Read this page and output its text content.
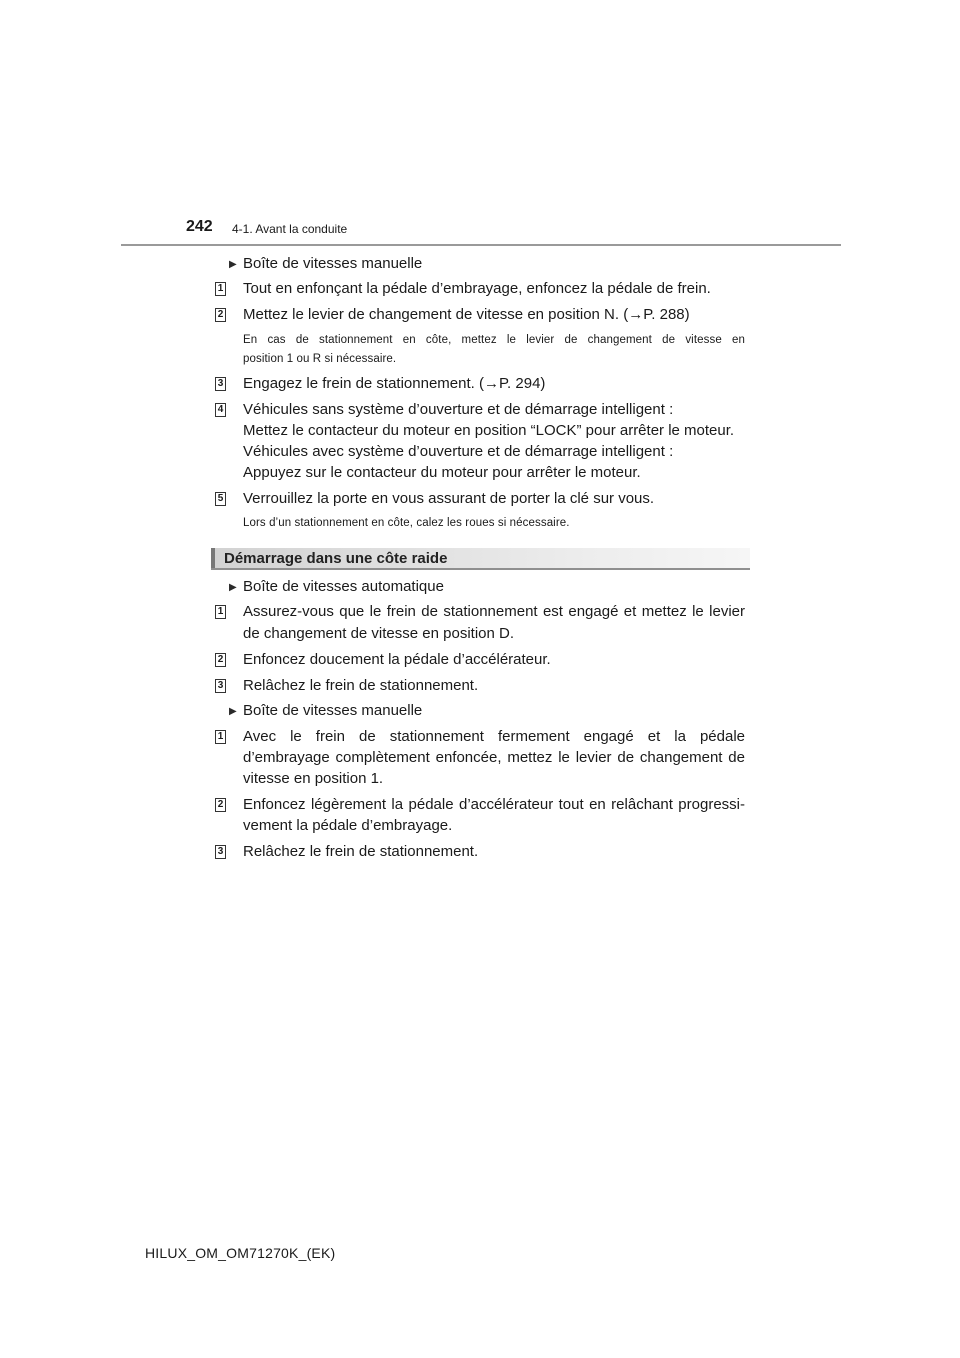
242 4-1. Avant la conduite
▶ Boîte de vitesses manuelle
1 Tout en enfonçant la pédale d’embrayage, enfoncez la pédale de frein.
2 Mettez le levier de changement de vitesse en position N. (→P. 288)
En cas de stationnement en côte, mettez le levier de changement de vitesse en
position 1 ou R si nécessaire.
3 Engagez le frein de stationnement. (→P. 294)
4 Véhicules sans système d’ouverture et de démarrage intelligent :
Mettez le contacteur du moteur en position “LOCK” pour arrêter le moteur.
Véhicules avec système d’ouverture et de démarrage intelligent :
Appuyez sur le contacteur du moteur pour arrêter le moteur.
5 Verrouillez la porte en vous assurant de porter la clé sur vous.
Lors d’un stationnement en côte, calez les roues si nécessaire.
Démarrage dans une côte raide
▶ Boîte de vitesses automatique
1 Assurez-vous que le frein de stationnement est engagé et mettez le levier
de changement de vitesse en position D.
2 Enfoncez doucement la pédale d’accélérateur.
3 Relâchez le frein de stationnement.
▶ Boîte de vitesses manuelle
1 Avec le frein de stationnement fermement engagé et la pédale
d’embrayage complètement enfoncée, mettez le levier de changement de
vitesse en position 1.
2 Enfoncez légèrement la pédale d’accélérateur tout en relâchant progressi-
vement la pédale d’embrayage.
3 Relâchez le frein de stationnement.
HILUX_OM_OM71270K_(EK)
